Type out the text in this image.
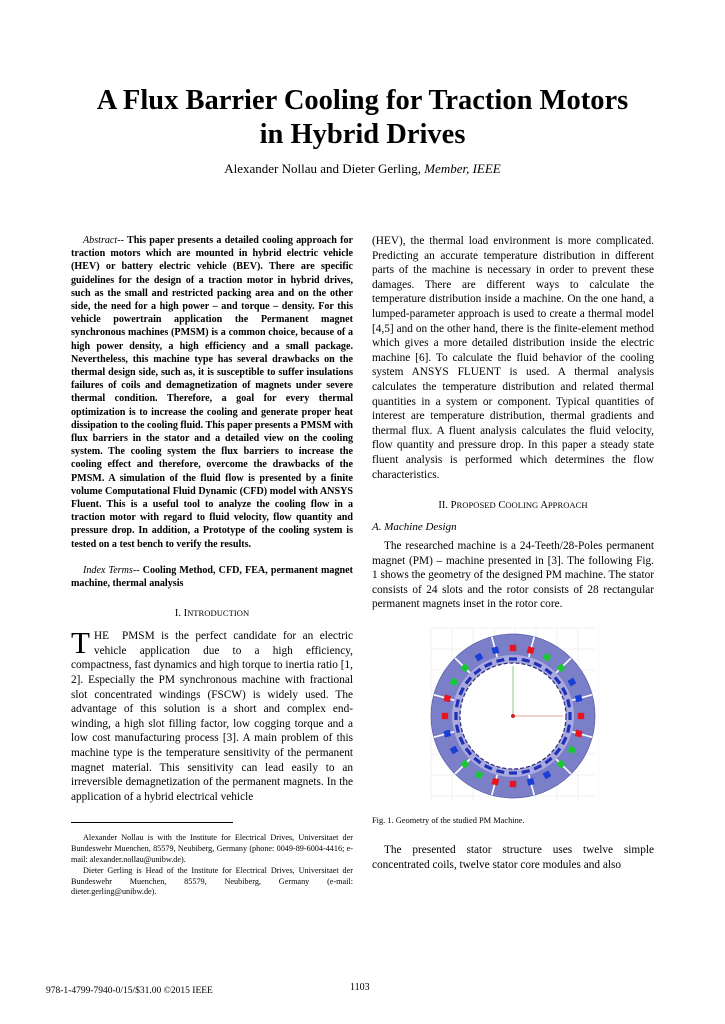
A Flux Barrier Cooling for Traction Motors
in Hybrid Drives
Alexander Nollau and Dieter Gerling, Member, IEEE

Abstract-- This paper presents a detailed cooling approach for traction motors which are mounted in hybrid electric vehicle (HEV) or battery electric vehicle (BEV). There are specific guidelines for the design of a traction motor in hybrid drives, such as the small and restricted packing area and on the other side, the need for a high power – and torque – density. For this vehicle powertrain application the Permanent magnet synchronous machines (PMSM) is a common choice, because of a high power density, a high efficiency and a small package. Nevertheless, this machine type has several drawbacks on the thermal design side, such as, it is susceptible to suffer insulations failures of coils and demagnetization of magnets under severe thermal condition. Therefore, a goal for every thermal optimization is to increase the cooling and generate proper heat dissipation to the cooling fluid. This paper presents a PMSM with flux barriers in the stator and a detailed view on the cooling system. The cooling system the flux barriers to increase the cooling effect and therefore, overcome the drawbacks of the PMSM. A simulation of the fluid flow is presented by a finite volume Computational Fluid Dynamic (CFD) model with ANSYS Fluent. This is a useful tool to analyze the cooling flow in a traction motor with regard to fluid velocity, flow quantity and pressure drop. In addition, a Prototype of the cooling system is tested on a test bench to verify the results.

Index Terms-- Cooling Method, CFD, FEA, permanent magnet machine, thermal analysis

I. INTRODUCTION

THE PMSM is the perfect candidate for an electric vehicle application due to a high efficiency, compactness, fast dynamics and high torque to inertia ratio [1, 2]. Especially the PM synchronous machine with fractional slot concentrated windings (FSCW) is widely used. The advantage of this solution is a short and complex end-winding, a high slot filling factor, low cogging torque and a low cost manufacturing process [3]. A main problem of this machine type is the temperature sensitivity of the permanent magnet material. This sensitivity can lead easily to an irreversible demagnetization of the permanent magnets. In the application of a hybrid electrical vehicle

Alexander Nollau is with the Institute for Electrical Drives, Universitaet der Bundeswehr Muenchen, 85579, Neubiberg, Germany (phone: 0049-89-6004-4416; e-mail: alexander.nollau@unibw.de).

Dieter Gerling is Head of the Institute for Electrical Drives, Universitaet der Bundeswehr Muenchen, 85579, Neubiberg, Germany (e-mail: dieter.gerling@unibw.de).

(HEV), the thermal load environment is more complicated. Predicting an accurate temperature distribution in different parts of the machine is necessary in order to prevent these damages. There are different ways to calculate the temperature distribution inside a machine. On the one hand, a lumped-parameter approach is used to create a thermal model [4,5] and on the other hand, there is the finite-element method which gives a more detailed distribution inside the electric machine [6]. To calculate the fluid behavior of the cooling system ANSYS FLUENT is used. A thermal analysis calculates the temperature distribution and related thermal quantities in a system or component. Typical quantities of interest are temperature distribution, thermal gradients and thermal flux. A fluent analysis calculates the fluid velocity, flow quantity and pressure drop. In this paper a steady state fluent analysis is performed which determines the flow characteristics.

II. PROPOSED COOLING APPROACH
A. Machine Design

The researched machine is a 24-Teeth/28-Poles permanent magnet (PM) – machine presented in [3]. The following Fig. 1 shows the geometry of the designed PM machine. The stator consists of 24 slots and the rotor consists of 28 rectangular permanent magnets inset in the rotor core.

Fig. 1. Geometry of the studied PM Machine.

The presented stator structure uses twelve simple concentrated coils, twelve stator core modules and also

978-1-4799-7940-0/15/$31.00 ©2015 IEEE	1103
